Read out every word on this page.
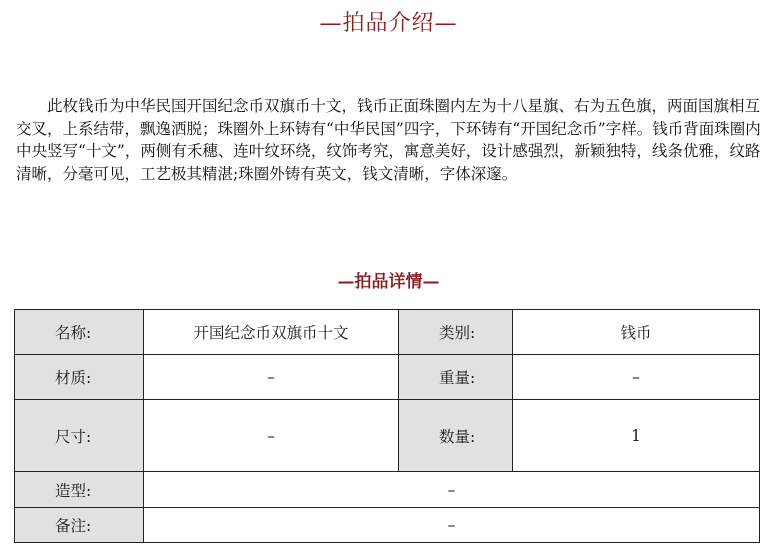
—拍品介绍—

此枚钱币为中华民国开国纪念币双旗币十文，钱币正面珠圈内左为十八星旗、右为五色旗，两面国旗相互交叉，上系结带，飘逸洒脱；珠圈外上环铸有“中华民国”四字，下环铸有“开国纪念币”字样。钱币背面珠圈内中央竖写“十文”，两侧有禾穗、连叶纹环绕，纹饰考究，寓意美好，设计感强烈，新颖独特，线条优雅，纹路清晰，分毫可见，工艺极其精湛;珠圈外铸有英文，钱文清晰，字体深邃。

—拍品详情—
名称:	开国纪念币双旗币十文	类别:	钱币
材质:	–	重量:	–
尺寸:	–	数量:	1
造型:	–		
备注:	–		
